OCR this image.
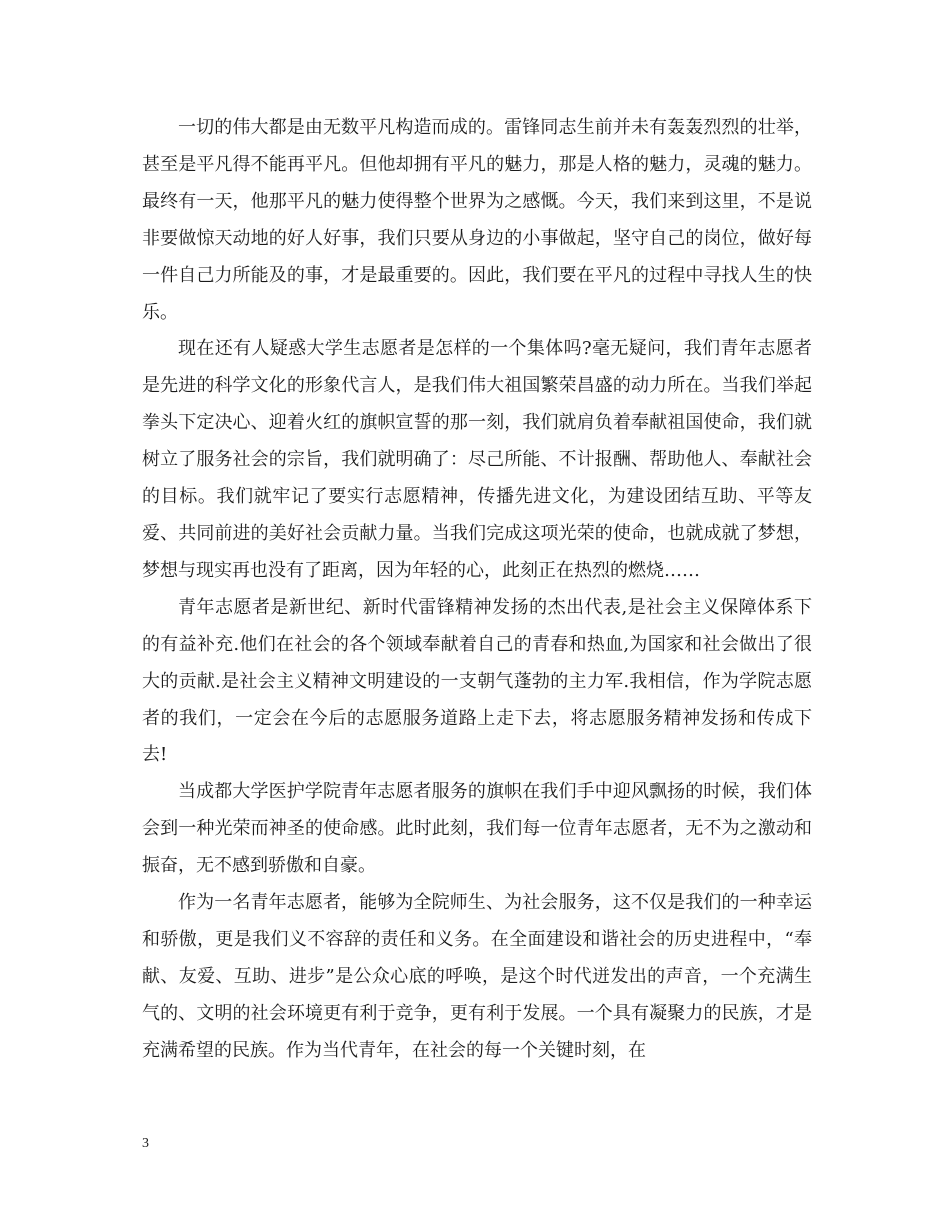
一切的伟大都是由无数平凡构造而成的。雷锋同志生前并未有轰轰烈烈的壮举，甚至是平凡得不能再平凡。但他却拥有平凡的魅力，那是人格的魅力，灵魂的魅力。最终有一天，他那平凡的魅力使得整个世界为之感慨。今天，我们来到这里，不是说非要做惊天动地的好人好事，我们只要从身边的小事做起，坚守自己的岗位，做好每一件自己力所能及的事，才是最重要的。因此，我们要在平凡的过程中寻找人生的快乐。

现在还有人疑惑大学生志愿者是怎样的一个集体吗?毫无疑问，我们青年志愿者是先进的科学文化的形象代言人，是我们伟大祖国繁荣昌盛的动力所在。当我们举起拳头下定决心、迎着火红的旗帜宣誓的那一刻，我们就肩负着奉献祖国使命，我们就树立了服务社会的宗旨，我们就明确了：尽己所能、不计报酬、帮助他人、奉献社会的目标。我们就牢记了要实行志愿精神，传播先进文化，为建设团结互助、平等友爱、共同前进的美好社会贡献力量。当我们完成这项光荣的使命，也就成就了梦想，梦想与现实再也没有了距离，因为年轻的心，此刻正在热烈的燃烧……

青年志愿者是新世纪、新时代雷锋精神发扬的杰出代表,是社会主义保障体系下的有益补充.他们在社会的各个领域奉献着自己的青春和热血,为国家和社会做出了很大的贡献.是社会主义精神文明建设的一支朝气蓬勃的主力军.我相信，作为学院志愿者的我们，一定会在今后的志愿服务道路上走下去，将志愿服务精神发扬和传成下去!

当成都大学医护学院青年志愿者服务的旗帜在我们手中迎风飘扬的时候，我们体会到一种光荣而神圣的使命感。此时此刻，我们每一位青年志愿者，无不为之激动和振奋，无不感到骄傲和自豪。

作为一名青年志愿者，能够为全院师生、为社会服务，这不仅是我们的一种幸运和骄傲，更是我们义不容辞的责任和义务。在全面建设和谐社会的历史进程中，“奉献、友爱、互助、进步”是公众心底的呼唤，是这个时代迸发出的声音，一个充满生气的、文明的社会环境更有利于竞争，更有利于发展。一个具有凝聚力的民族，才是充满希望的民族。作为当代青年，在社会的每一个关键时刻，在

3
